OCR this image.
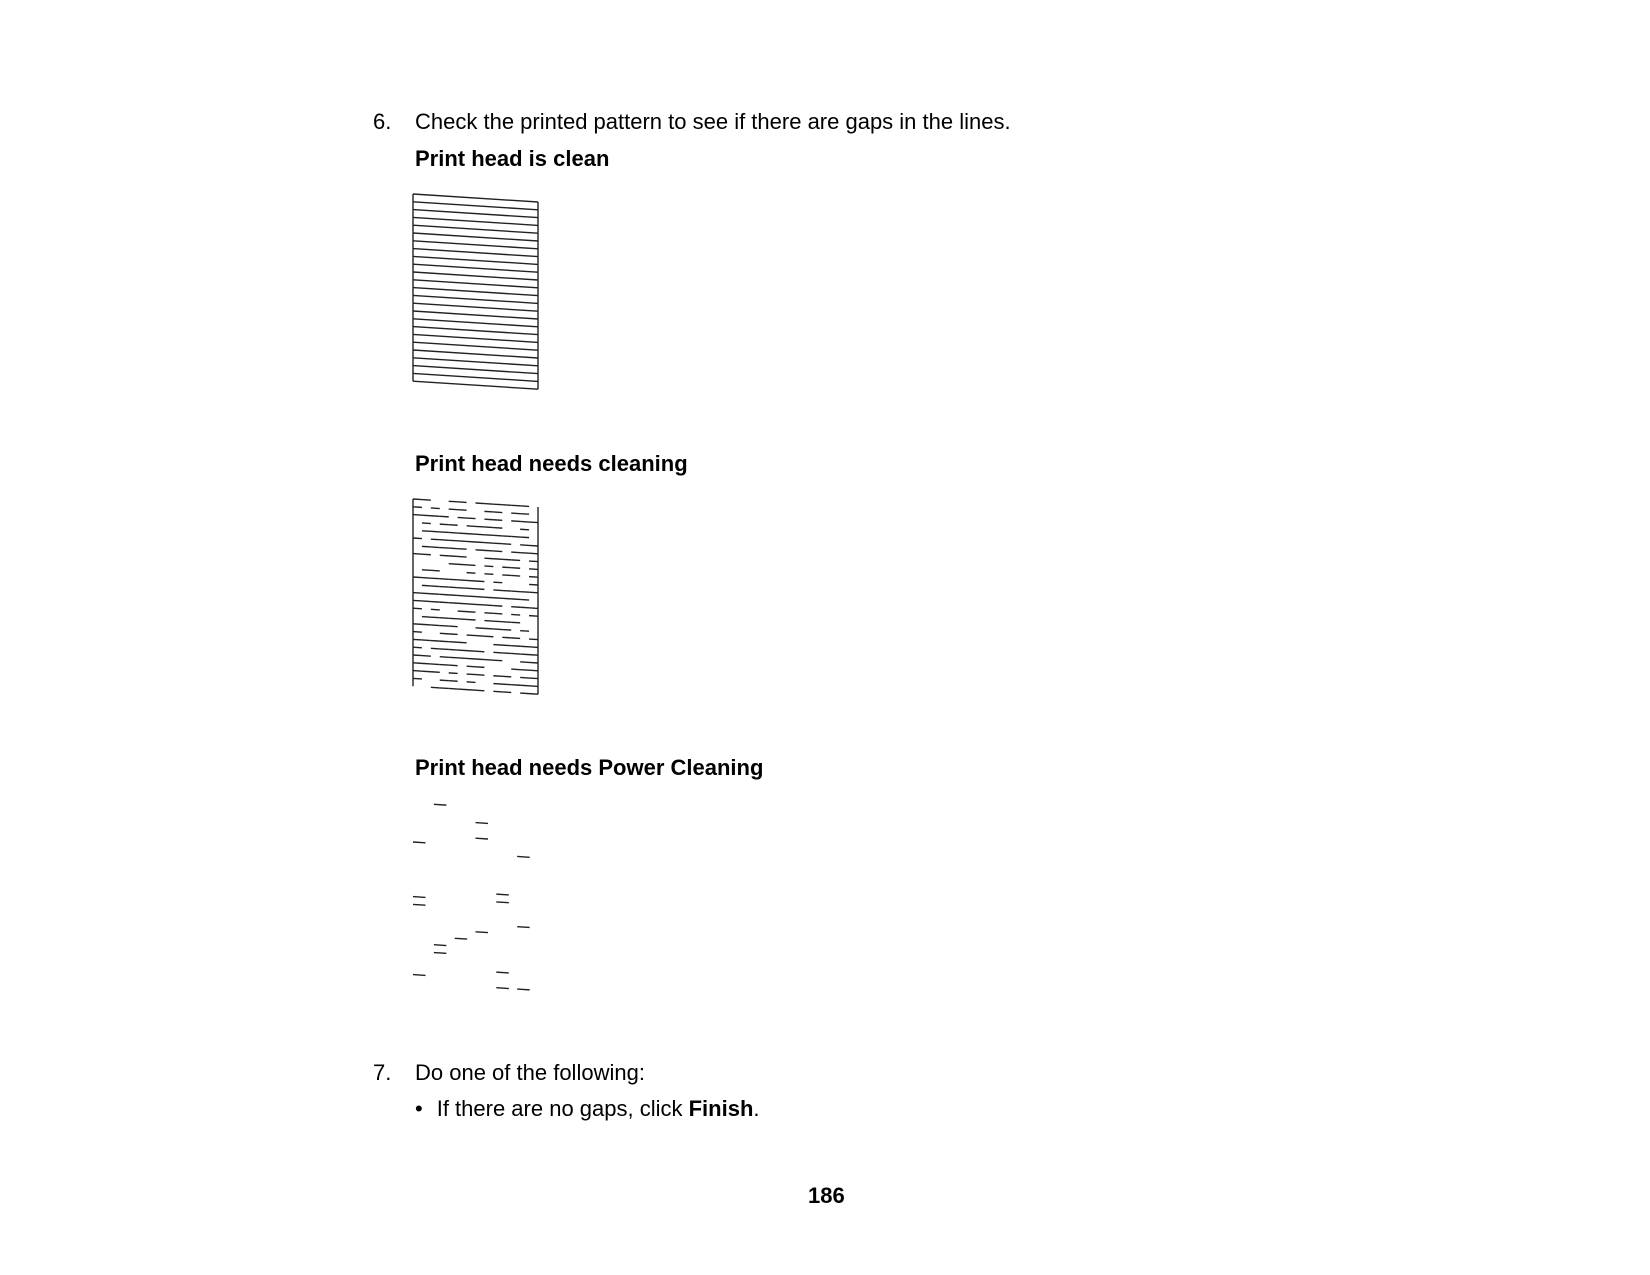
6. Check the printed pattern to see if there are gaps in the lines.
Print head is clean
Print head needs cleaning
Print head needs Power Cleaning
7. Do one of the following:
• If there are no gaps, click Finish.
186
